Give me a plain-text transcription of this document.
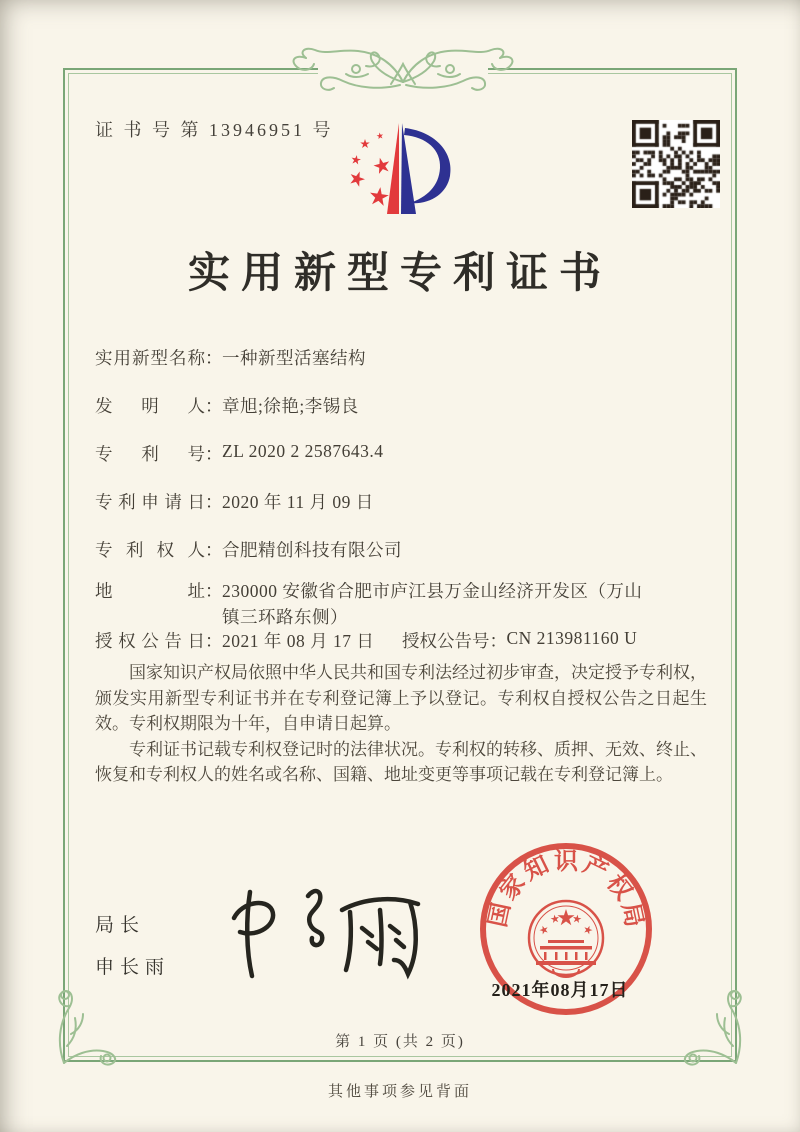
证 书 号 第 13946951 号
实用新型专利证书
实用新型名称：一种新型活塞结构
发明人：章旭;徐艳;李锡良
专利号：ZL 2020 2 2587643.4
专利申请日：2020 年 11 月 09 日
专利权人：合肥精创科技有限公司
地址：230000 安徽省合肥市庐江县万金山经济开发区（万山镇三环路东侧）
授权公告日：2021 年 08 月 17 日 授权公告号：CN 213981160 U

国家知识产权局依照中华人民共和国专利法经过初步审查，决定授予专利权，颁发实用新型专利证书并在专利登记簿上予以登记。专利权自授权公告之日起生效。专利权期限为十年，自申请日起算。

专利证书记载专利权登记时的法律状况。专利权的转移、质押、无效、终止、恢复和专利权人的姓名或名称、国籍、地址变更等事项记载在专利登记簿上。

局长
申长雨
国
家
知 识 产
权
局
2021年08月17日
第 1 页 (共 2 页)
其他事项参见背面
